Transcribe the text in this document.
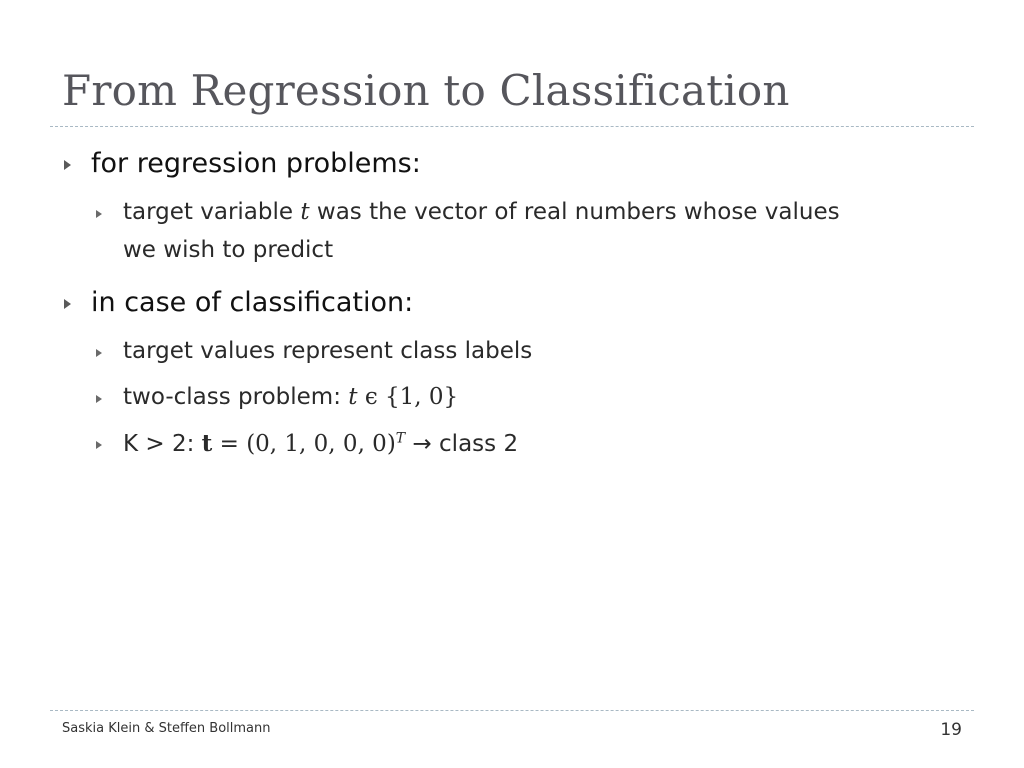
From Regression to Classification
for regression problems:
target variable t was the vector of real numbers whose values
we wish to predict
in case of classification:
target values represent class labels
two-class problem: t ϵ {1, 0}
K > 2: t = (0, 1, 0, 0, 0)$^T$ → class 2
Saskia Klein & Steffen Bollmann	19
